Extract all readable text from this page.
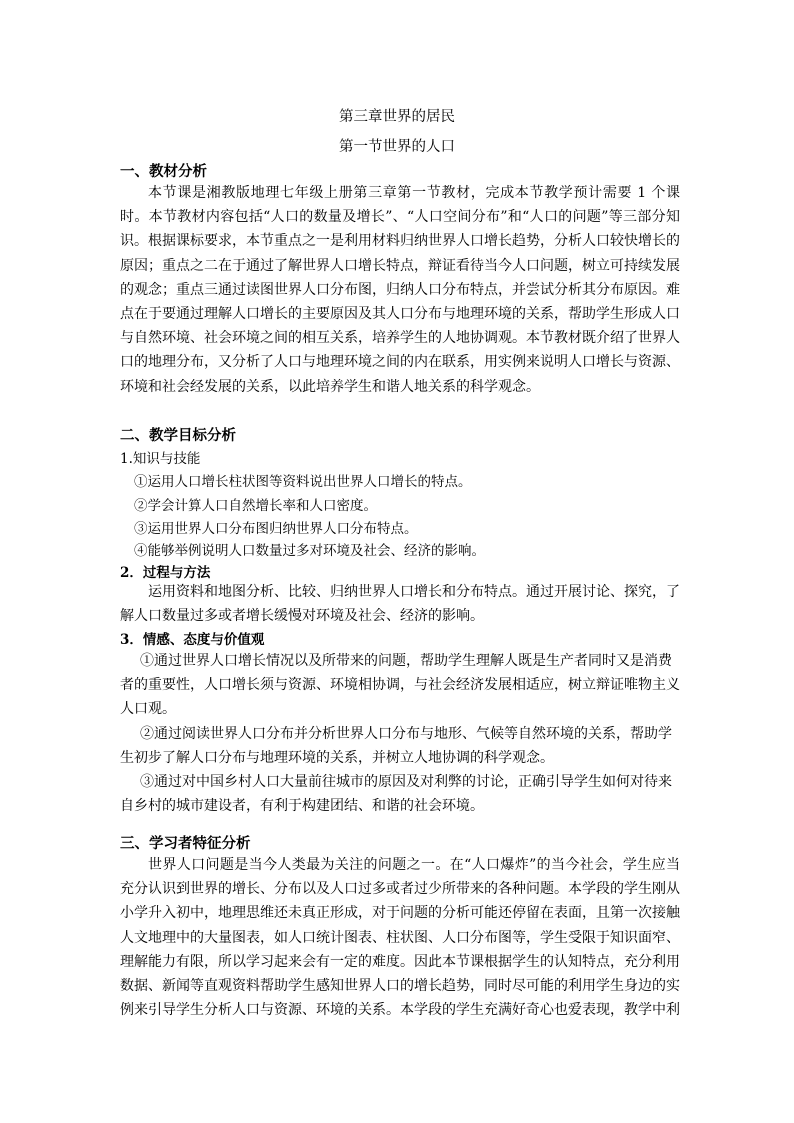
第三章世界的居民
第一节世界的人口
一、教材分析

本节课是湘教版地理七年级上册第三章第一节教材，完成本节教学预计需要 1 个课时。本节教材内容包括“人口的数量及增长”、“人口空间分布”和“人口的问题”等三部分知识。根据课标要求，本节重点之一是利用材料归纳世界人口增长趋势，分析人口较快增长的原因；重点之二在于通过了解世界人口增长特点，辩证看待当今人口问题，树立可持续发展的观念；重点三通过读图世界人口分布图，归纳人口分布特点，并尝试分析其分布原因。难点在于要通过理解人口增长的主要原因及其人口分布与地理环境的关系，帮助学生形成人口与自然环境、社会环境之间的相互关系，培养学生的人地协调观。本节教材既介绍了世界人口的地理分布，又分析了人口与地理环境之间的内在联系，用实例来说明人口增长与资源、环境和社会经发展的关系，以此培养学生和谐人地关系的科学观念。

二、教学目标分析
1.知识与技能
①运用人口增长柱状图等资料说出世界人口增长的特点。
②学会计算人口自然增长率和人口密度。
③运用世界人口分布图归纳世界人口分布特点。
④能够举例说明人口数量过多对环境及社会、经济的影响。
2．过程与方法

运用资料和地图分析、比较、归纳世界人口增长和分布特点。通过开展讨论、探究，了解人口数量过多或者增长缓慢对环境及社会、经济的影响。

3．情感、态度与价值观

①通过世界人口增长情况以及所带来的问题，帮助学生理解人既是生产者同时又是消费者的重要性，人口增长须与资源、环境相协调，与社会经济发展相适应，树立辩证唯物主义人口观。

②通过阅读世界人口分布并分析世界人口分布与地形、气候等自然环境的关系，帮助学生初步了解人口分布与地理环境的关系，并树立人地协调的科学观念。

③通过对中国乡村人口大量前往城市的原因及对利弊的讨论，正确引导学生如何对待来自乡村的城市建设者，有利于构建团结、和谐的社会环境。

三、学习者特征分析

世界人口问题是当今人类最为关注的问题之一。在“人口爆炸”的当今社会，学生应当充分认识到世界的增长、分布以及人口过多或者过少所带来的各种问题。本学段的学生刚从小学升入初中，地理思维还未真正形成，对于问题的分析可能还停留在表面，且第一次接触人文地理中的大量图表，如人口统计图表、柱状图、人口分布图等，学生受限于知识面窄、理解能力有限，所以学习起来会有一定的难度。因此本节课根据学生的认知特点，充分利用数据、新闻等直观资料帮助学生感知世界人口的增长趋势，同时尽可能的利用学生身边的实例来引导学生分析人口与资源、环境的关系。本学段的学生充满好奇心也爱表现，教学中利
